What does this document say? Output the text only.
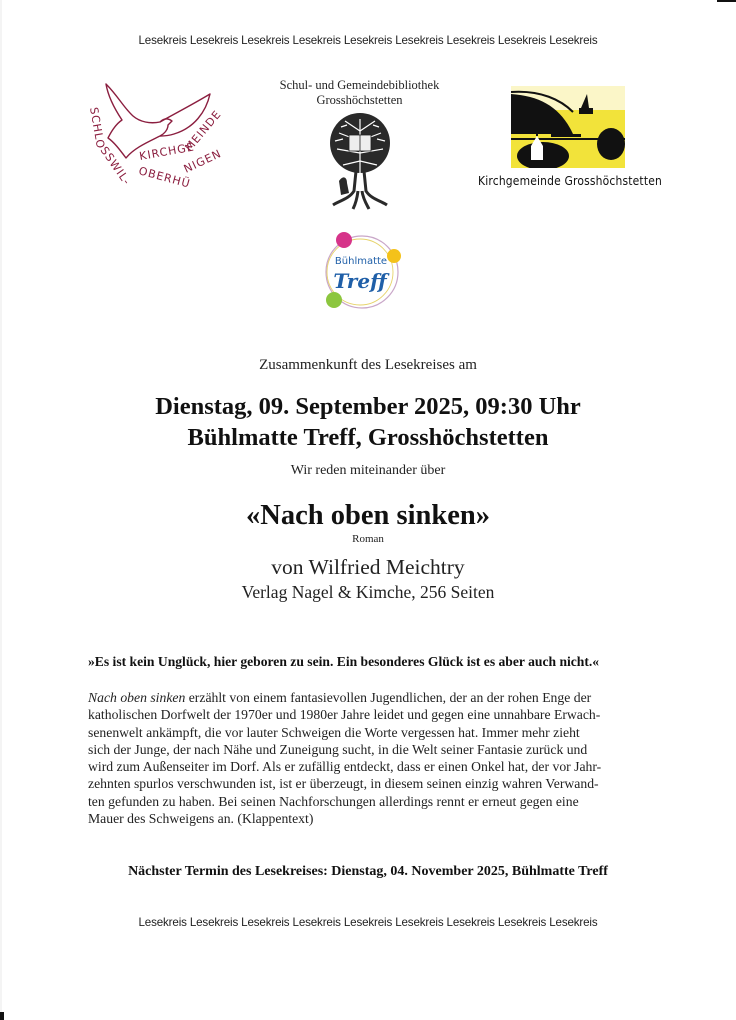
Lesekreis Lesekreis Lesekreis Lesekreis Lesekreis Lesekreis Lesekreis Lesekreis Lesekreis
SCHLO
SSWIL- OBERHÜ
NIGEN
KIRCHGE
MEINDE
Schul- und Gemeindebibliothek
Grosshöchstetten
Kirchgemeinde Grosshöchstetten
Bühlmatte
Treff
Zusammenkunft des Lesekreises am
Dienstag, 09. September 2025, 09:30 Uhr
Bühlmatte Treff, Grosshöchstetten
Wir reden miteinander über
«Nach oben sinken»
Roman
von Wilfried Meichtry
Verlag Nagel & Kimche, 256 Seiten
»Es ist kein Unglück, hier geboren zu sein. Ein besonderes Glück ist es aber auch nicht.«
Nach oben sinken erzählt von einem fantasievollen Jugendlichen, der an der rohen Enge der
katholischen Dorfwelt der 1970er und 1980er Jahre leidet und gegen eine unnahbare Erwach-
senenwelt ankämpft, die vor lauter Schweigen die Worte vergessen hat. Immer mehr zieht
sich der Junge, der nach Nähe und Zuneigung sucht, in die Welt seiner Fantasie zurück und
wird zum Außenseiter im Dorf. Als er zufällig entdeckt, dass er einen Onkel hat, der vor Jahr-
zehnten spurlos verschwunden ist, ist er überzeugt, in diesem seinen einzig wahren Verwand-
ten gefunden zu haben. Bei seinen Nachforschungen allerdings rennt er erneut gegen eine
Mauer des Schweigens an. (Klappentext)
Nächster Termin des Lesekreises: Dienstag, 04. November 2025, Bühlmatte Treff
Lesekreis Lesekreis Lesekreis Lesekreis Lesekreis Lesekreis Lesekreis Lesekreis Lesekreis
